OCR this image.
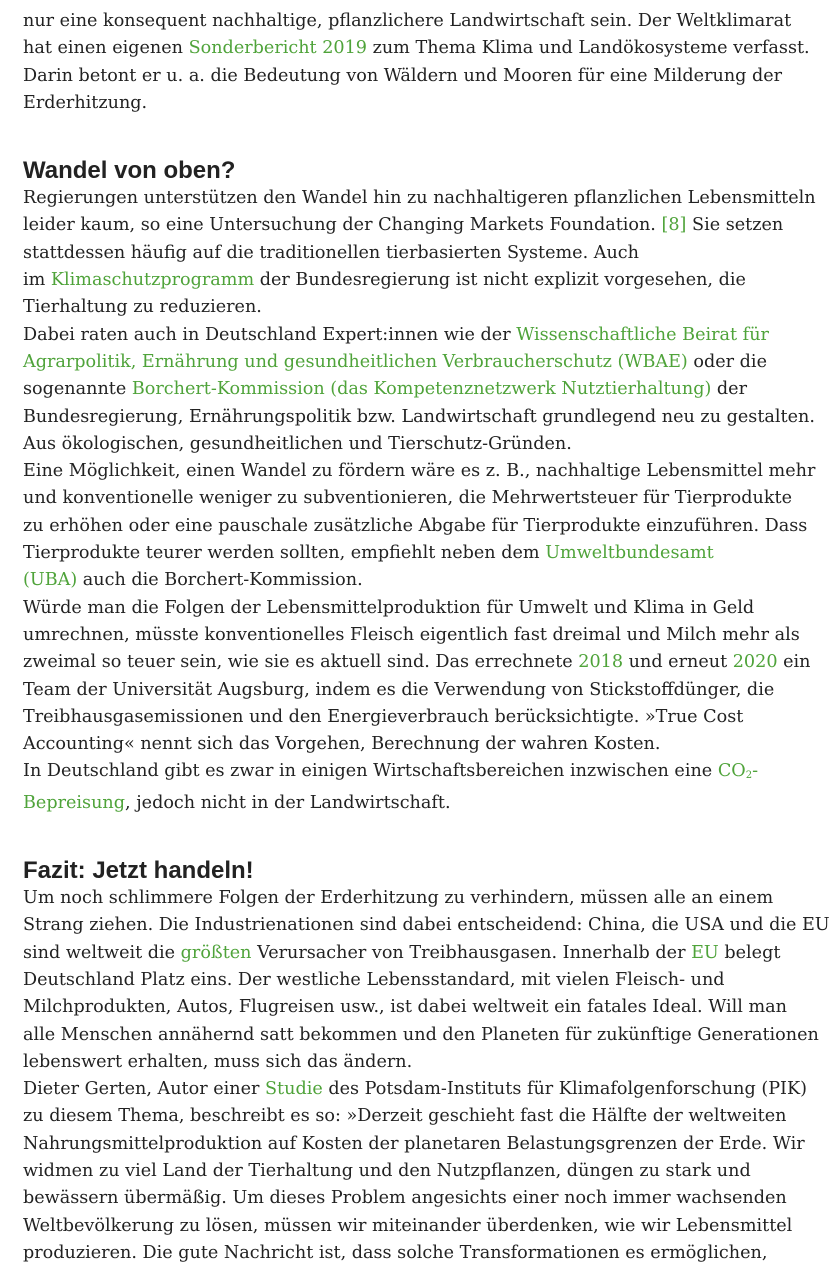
nur eine konsequent nachhaltige, pflanzlichere Landwirtschaft sein. Der Weltklimarat
hat einen eigenen Sonderbericht 2019 zum Thema Klima und Landökosysteme verfasst.
Darin betont er u. a. die Bedeutung von Wäldern und Mooren für eine Milderung der
Erderhitzung.

Wandel von oben?

Regierungen unterstützen den Wandel hin zu nachhaltigeren pflanzlichen Lebensmitteln
leider kaum, so eine Untersuchung der Changing Markets Foundation. [8] Sie setzen
stattdessen häufig auf die traditionellen tierbasierten Systeme. Auch
im Klimaschutzprogramm der Bundesregierung ist nicht explizit vorgesehen, die
Tierhaltung zu reduzieren.

Dabei raten auch in Deutschland Expert:innen wie der Wissenschaftliche Beirat für
Agrarpolitik, Ernährung und gesundheitlichen Verbraucherschutz (WBAE) oder die
sogenannte Borchert-Kommission (das Kompetenznetzwerk Nutztierhaltung) der
Bundesregierung, Ernährungspolitik bzw. Landwirtschaft grundlegend neu zu gestalten.
Aus ökologischen, gesundheitlichen und Tierschutz-Gründen.

Eine Möglichkeit, einen Wandel zu fördern wäre es z. B., nachhaltige Lebensmittel mehr
und konventionelle weniger zu subventionieren, die Mehrwertsteuer für Tierprodukte
zu erhöhen oder eine pauschale zusätzliche Abgabe für Tierprodukte einzuführen. Dass
Tierprodukte teurer werden sollten, empfiehlt neben dem Umweltbundesamt
(UBA) auch die Borchert-Kommission.

Würde man die Folgen der Lebensmittelproduktion für Umwelt und Klima in Geld
umrechnen, müsste konventionelles Fleisch eigentlich fast dreimal und Milch mehr als
zweimal so teuer sein, wie sie es aktuell sind. Das errechnete 2018 und erneut 2020 ein
Team der Universität Augsburg, indem es die Verwendung von Stickstoffdünger, die
Treibhausgasemissionen und den Energieverbrauch berücksichtigte. »True Cost
Accounting« nennt sich das Vorgehen, Berechnung der wahren Kosten.

In Deutschland gibt es zwar in einigen Wirtschaftsbereichen inzwischen eine $CO_2-$
Bepreisung, jedoch nicht in der Landwirtschaft.

Fazit: Jetzt handeln!

Um noch schlimmere Folgen der Erderhitzung zu verhindern, müssen alle an einem
Strang ziehen. Die Industrienationen sind dabei entscheidend: China, die USA und die EU
sind weltweit die größten Verursacher von Treibhausgasen. Innerhalb der EU belegt
Deutschland Platz eins. Der westliche Lebensstandard, mit vielen Fleisch- und
Milchprodukten, Autos, Flugreisen usw., ist dabei weltweit ein fatales Ideal. Will man
alle Menschen annähernd satt bekommen und den Planeten für zukünftige Generationen
lebenswert erhalten, muss sich das ändern.

Dieter Gerten, Autor einer Studie des Potsdam-Instituts für Klimafolgenforschung (PIK)
zu diesem Thema, beschreibt es so: »Derzeit geschieht fast die Hälfte der weltweiten
Nahrungsmittelproduktion auf Kosten der planetaren Belastungsgrenzen der Erde. Wir
widmen zu viel Land der Tierhaltung und den Nutzpflanzen, düngen zu stark und
bewässern übermäßig. Um dieses Problem angesichts einer noch immer wachsenden
Weltbevölkerung zu lösen, müssen wir miteinander überdenken, wie wir Lebensmittel
produzieren. Die gute Nachricht ist, dass solche Transformationen es ermöglichen,
